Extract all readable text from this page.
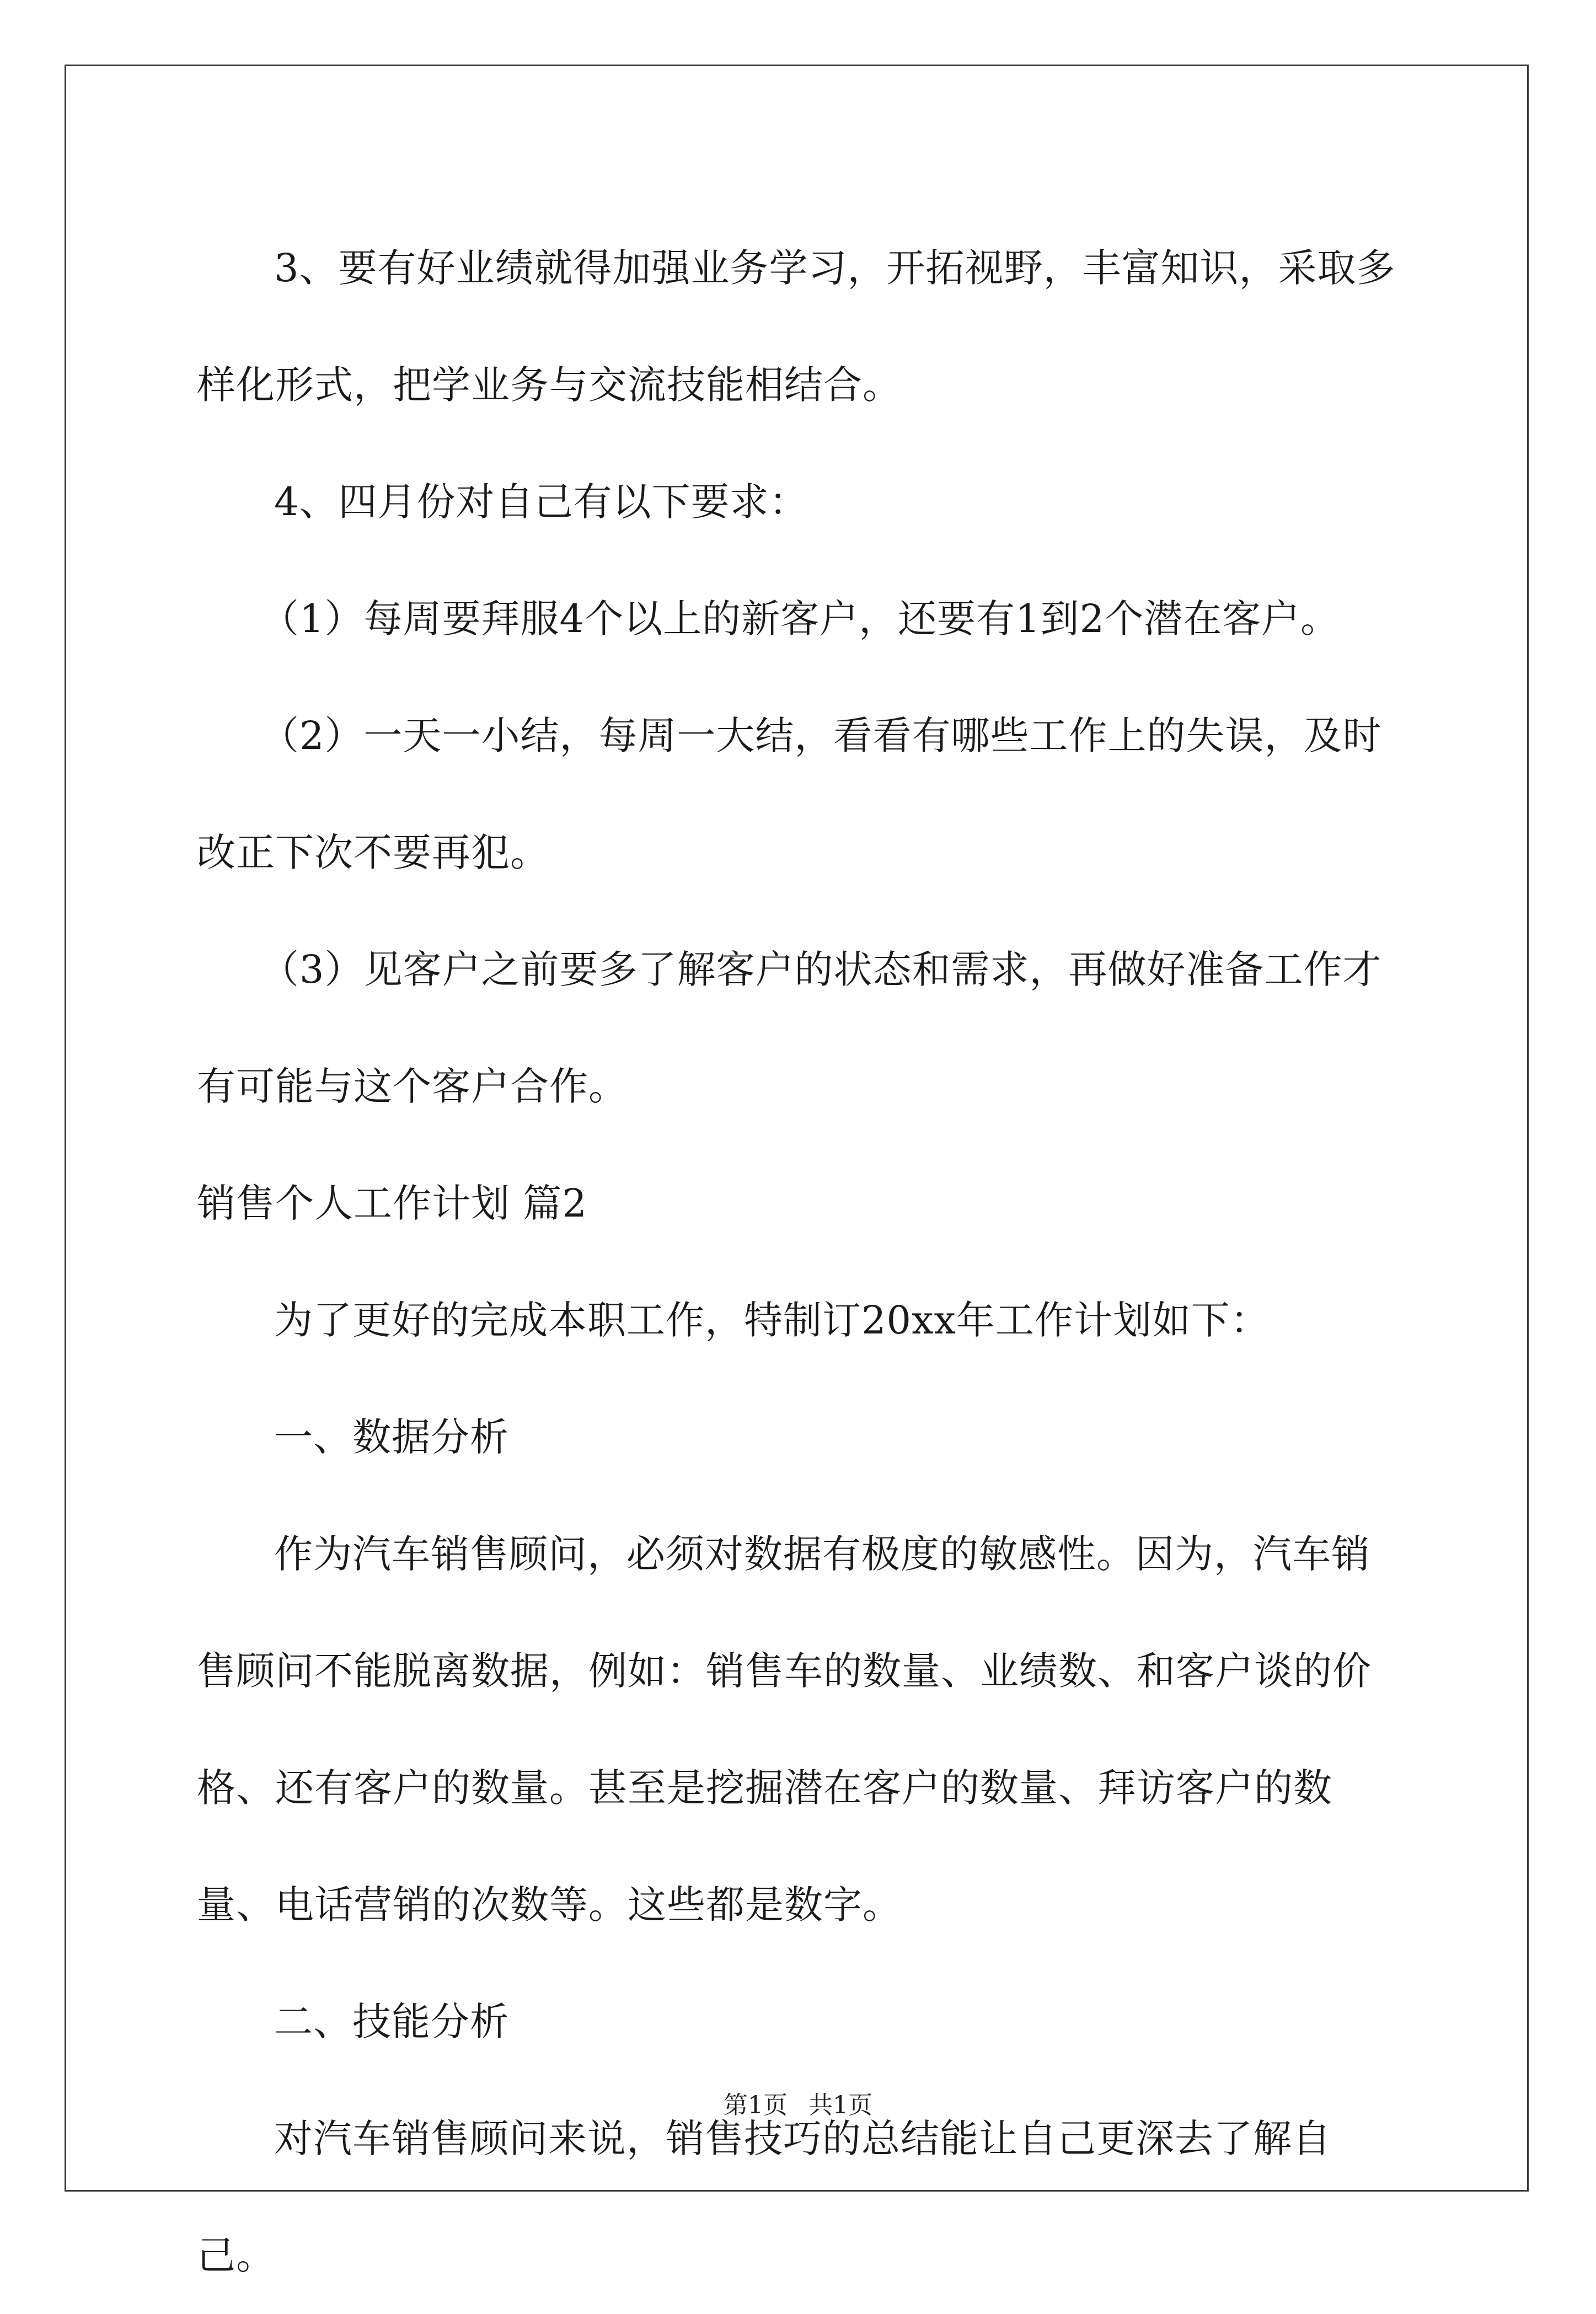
3、要有好业绩就得加强业务学习，开拓视野，丰富知识，采取多样化形式，把学业务与交流技能相结合。

4、四月份对自己有以下要求：

（1）每周要拜服4个以上的新客户，还要有1到2个潜在客户。

（2）一天一小结，每周一大结，看看有哪些工作上的失误，及时改正下次不要再犯。

（3）见客户之前要多了解客户的状态和需求，再做好准备工作才有可能与这个客户合作。

销售个人工作计划 篇2

为了更好的完成本职工作，特制订20xx年工作计划如下：

一、数据分析

作为汽车销售顾问，必须对数据有极度的敏感性。因为，汽车销售顾问不能脱离数据，例如：销售车的数量、业绩数、和客户谈的价格、还有客户的数量。甚至是挖掘潜在客户的数量、拜访客户的数量、电话营销的次数等。这些都是数字。

二、技能分析

对汽车销售顾问来说，销售技巧的总结能让自己更深去了解自己。

第1页 共1页
